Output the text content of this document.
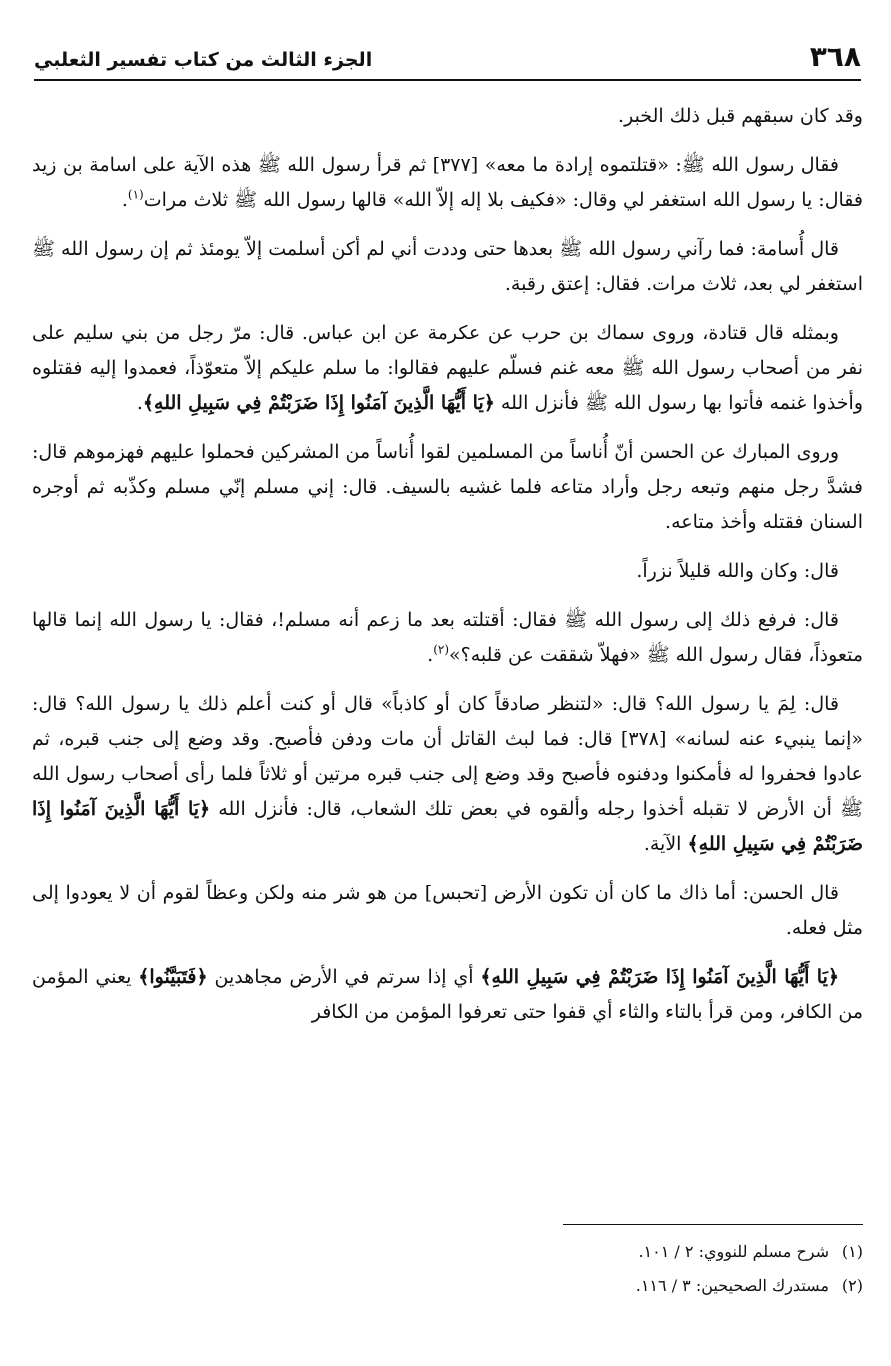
٣٦٨
الجزء الثالث من كتاب تفسير الثعلبي

وقد كان سبقهم قبل ذلك الخبر.

فقال رسول الله ﷺ: «قتلتموه إرادة ما معه» [٣٧٧] ثم قرأ رسول الله ﷺ هذه الآية على اسامة بن زيد فقال: يا رسول الله استغفر لي وقال: «فكيف بلا إله إلاّ الله» قالها رسول الله ﷺ ثلاث مرات$^{(١)}$.

قال أُسامة: فما رآني رسول الله ﷺ بعدها حتى وددت أني لم أكن أسلمت إلاّ يومئذ ثم إن رسول الله ﷺ استغفر لي بعد، ثلاث مرات. فقال: إعتق رقبة.

وبمثله قال قتادة، وروى سماك بن حرب عن عكرمة عن ابن عباس. قال: مرّ رجل من بني سليم على نفر من أصحاب رسول الله ﷺ معه غنم فسلّم عليهم فقالوا: ما سلم عليكم إلاّ متعوّذاً، فعمدوا إليه فقتلوه وأخذوا غنمه فأتوا بها رسول الله ﷺ فأنزل الله ﴿يَا أَيُّهَا الَّذِينَ آمَنُوا إِذَا ضَرَبْتُمْ فِي سَبِيلِ اللهِ﴾.

وروى المبارك عن الحسن أنّ أُناساً من المسلمين لقوا أُناساً من المشركين فحملوا عليهم فهزموهم قال: فشدَّ رجل منهم وتبعه رجل وأراد متاعه فلما غشيه بالسيف. قال: إني مسلم إنّي مسلم وكذّبه ثم أوجره السنان فقتله وأخذ متاعه.

قال: وكان والله قليلاً نزراً.

قال: فرفع ذلك إلى رسول الله ﷺ فقال: أقتلته بعد ما زعم أنه مسلم!، فقال: يا رسول الله إنما قالها متعوذاً، فقال رسول الله ﷺ «فهلاّ شققت عن قلبه؟»$^{(٢)}$.

قال: لِمَ يا رسول الله؟ قال: «لتنظر صادقاً كان أو كاذباً» قال أو كنت أعلم ذلك يا رسول الله؟ قال: «إنما ينبيء عنه لسانه» [٣٧٨] قال: فما لبث القاتل أن مات ودفن فأصبح. وقد وضع إلى جنب قبره، ثم عادوا فحفروا له فأمكنوا ودفنوه فأصبح وقد وضع إلى جنب قبره مرتين أو ثلاثاً فلما رأى أصحاب رسول الله ﷺ أن الأرض لا تقبله أخذوا رجله وألقوه في بعض تلك الشعاب، قال: فأنزل الله ﴿يَا أَيُّهَا الَّذِينَ آمَنُوا إِذَا ضَرَبْتُمْ فِي سَبِيلِ اللهِ﴾ الآية.

قال الحسن: أما ذاك ما كان أن تكون الأرض [تحبس] من هو شر منه ولكن وعظاً لقوم أن لا يعودوا إلى مثل فعله.

﴿يَا أَيُّهَا الَّذِينَ آمَنُوا إِذَا ضَرَبْتُمْ فِي سَبِيلِ اللهِ﴾ أي إذا سرتم في الأرض مجاهدين ﴿فَتَبَيَّنُوا﴾ يعني المؤمن من الكافر، ومن قرأ بالتاء والثاء أي قفوا حتى تعرفوا المؤمن من الكافر

(١)شرح مسلم للنووي: ٢ / ١٠١.
(٢)مستدرك الصحيحين: ٣ / ١١٦.
